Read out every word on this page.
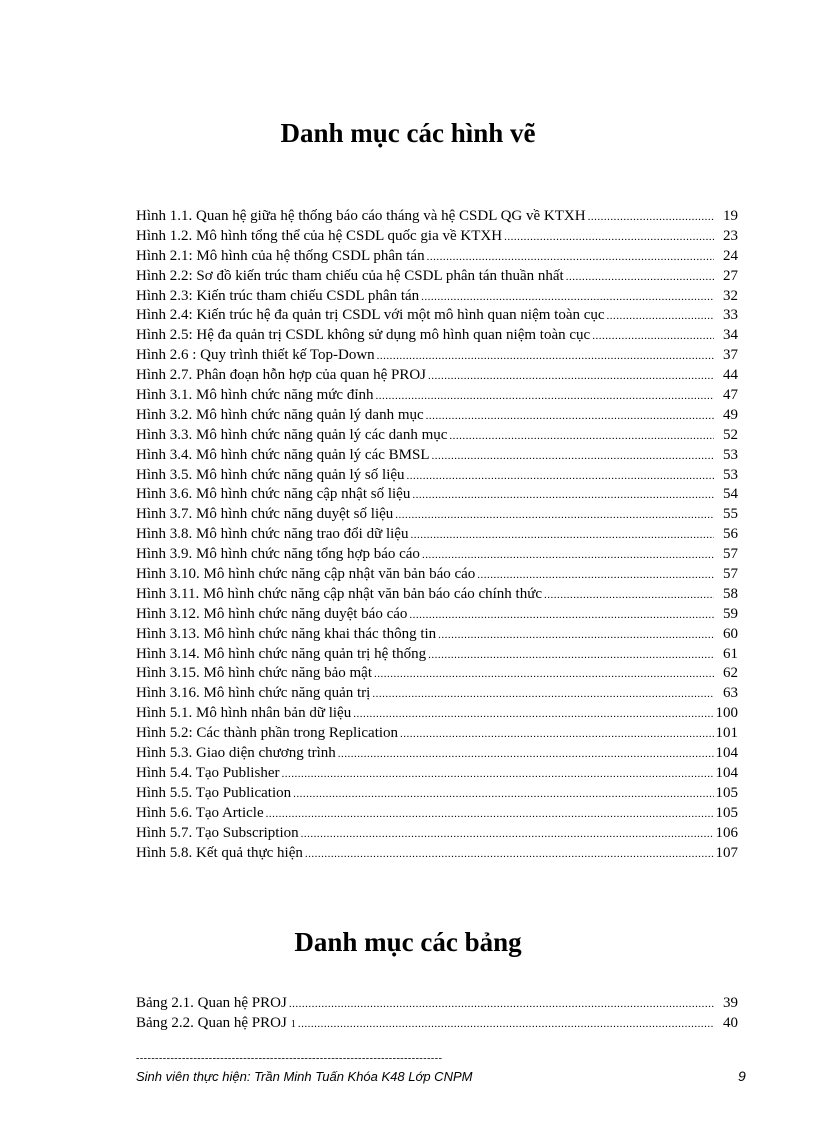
Danh mục các hình vẽ
Hình 1.1. Quan hệ giữa hệ thống báo cáo tháng và hệ CSDL QG về KTXH .....	19
Hình 1.2. Mô hình tổng thể của hệ CSDL quốc gia về KTXH .....	23
Hình 2.1: Mô hình của hệ thống CSDL phân tán .....	24
Hình 2.2: Sơ đồ kiến trúc tham chiếu của hệ CSDL phân tán thuần nhất .....	27
Hình 2.3: Kiến trúc tham chiếu CSDL phân tán .....	32
Hình 2.4: Kiến trúc hệ đa quản trị CSDL với một mô hình quan niệm toàn cục .....	33
Hình 2.5: Hệ đa quản trị CSDL không sử dụng mô hình quan niệm toàn cục .....	34
Hình 2.6 : Quy trình thiết kế Top-Down .....	37
Hình 2.7. Phân đoạn hỗn hợp của quan hệ PROJ .....	44
Hình 3.1. Mô hình chức năng mức đỉnh .....	47
Hình 3.2. Mô hình chức năng quản lý danh mục .....	49
Hình 3.3. Mô hình chức năng quản lý các danh mục .....	52
Hình 3.4. Mô hình chức năng quản lý các BMSL .....	53
Hình 3.5. Mô hình chức năng quản lý số liệu .....	53
Hình 3.6. Mô hình chức năng cập nhật số liệu .....	54
Hình 3.7. Mô hình chức năng duyệt số liệu .....	55
Hình 3.8. Mô hình chức năng trao đổi dữ liệu .....	56
Hình 3.9. Mô hình chức năng tổng hợp báo cáo .....	57
Hình 3.10. Mô hình chức năng cập nhật văn bản báo cáo .....	57
Hình 3.11. Mô hình chức năng cập nhật văn bản báo cáo chính thức .....	58
Hình 3.12. Mô hình chức năng duyệt báo cáo .....	59
Hình 3.13. Mô hình chức năng khai thác thông tin .....	60
Hình 3.14. Mô hình chức năng quản trị hệ thống .....	61
Hình 3.15. Mô hình chức năng bảo mật .....	62
Hình 3.16. Mô hình chức năng quản trị .....	63
Hình 5.1. Mô hình nhân bản dữ liệu .....	100
Hình 5.2: Các thành phần trong Replication .....	101
Hình 5.3. Giao diện chương trình .....	104
Hình 5.4. Tạo Publisher .....	104
Hình 5.5. Tạo Publication .....	105
Hình 5.6. Tạo Article .....	105
Hình 5.7. Tạo Subscription .....	106
Hình 5.8. Kết quả thực hiện .....	107
Danh mục các bảng
Bảng 2.1. Quan hệ PROJ .....	39
Bảng 2.2. Quan hệ PROJ 1 .....	40
--------------------------------------------------------------------------------
Sinh viên thực hiện: Trần Minh Tuấn Khóa K48 Lớp CNPM	9
